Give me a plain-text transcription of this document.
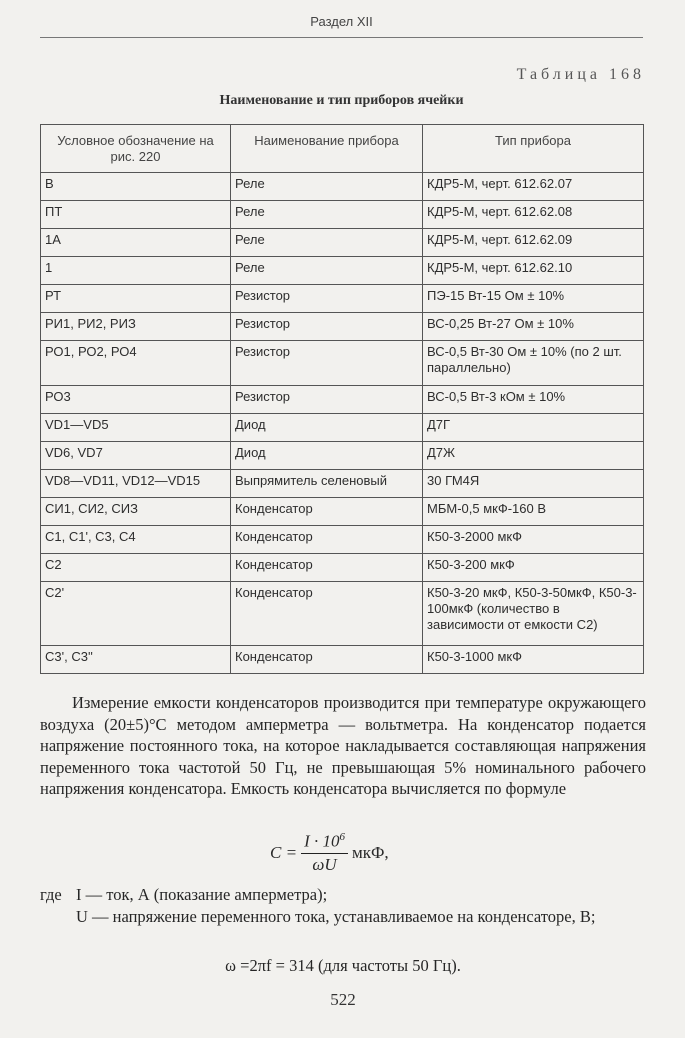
Раздел XII
Таблица 168
Наименование и тип приборов ячейки
Условное обозначение на рис. 220	Наименование прибора	Тип прибора
В	Реле	КДР5-М, черт. 612.62.07
ПТ	Реле	КДР5-М, черт. 612.62.08
1А	Реле	КДР5-М, черт. 612.62.09
1	Реле	КДР5-М, черт. 612.62.10
РТ	Резистор	ПЭ-15 Вт-15 Ом ± 10%
РИ1, РИ2, РИЗ	Резистор	ВС-0,25 Вт-27 Ом ± 10%
РО1, РО2, РО4	Резистор	ВС-0,5 Вт-30 Ом ± 10% (по 2 шт. параллельно)
РО3	Резистор	ВС-0,5 Вт-3 кОм ± 10%
VD1—VD5	Диод	Д7Г
VD6, VD7	Диод	Д7Ж
VD8—VD11, VD12—VD15	Выпрямитель селеновый	30 ГМ4Я
СИ1, СИ2, СИЗ	Конденсатор	МБМ-0,5 мкФ-160 В
С1, С1', С3, С4	Конденсатор	К50-3-2000 мкФ
С2	Конденсатор	К50-3-200 мкФ
С2'	Конденсатор	К50-3-20 мкФ, К50-3-50мкФ, К50-3-100мкФ (количество в зависимости от емкости С2)
С3', С3''	Конденсатор	К50-3-1000 мкФ

Измерение емкости конденсаторов производится при температуре окружающего воздуха (20±5)°С методом амперметра — вольтметра. На конденсатор подается напряжение постоянного тока, на которое накладывается составляющая напряжения переменного тока частотой 50 Гц, не превышающая 5% номинального рабочего напряжения конденсатора. Емкость конденсатора вычисляется по формуле

$C = \frac{I \cdot 10^6}{\omega U}$ мкФ,
где I — ток, А (показание амперметра);
U — напряжение переменного тока, устанавливаемое на конденсаторе, В;
ω =2πf = 314 (для частоты 50 Гц).
522
